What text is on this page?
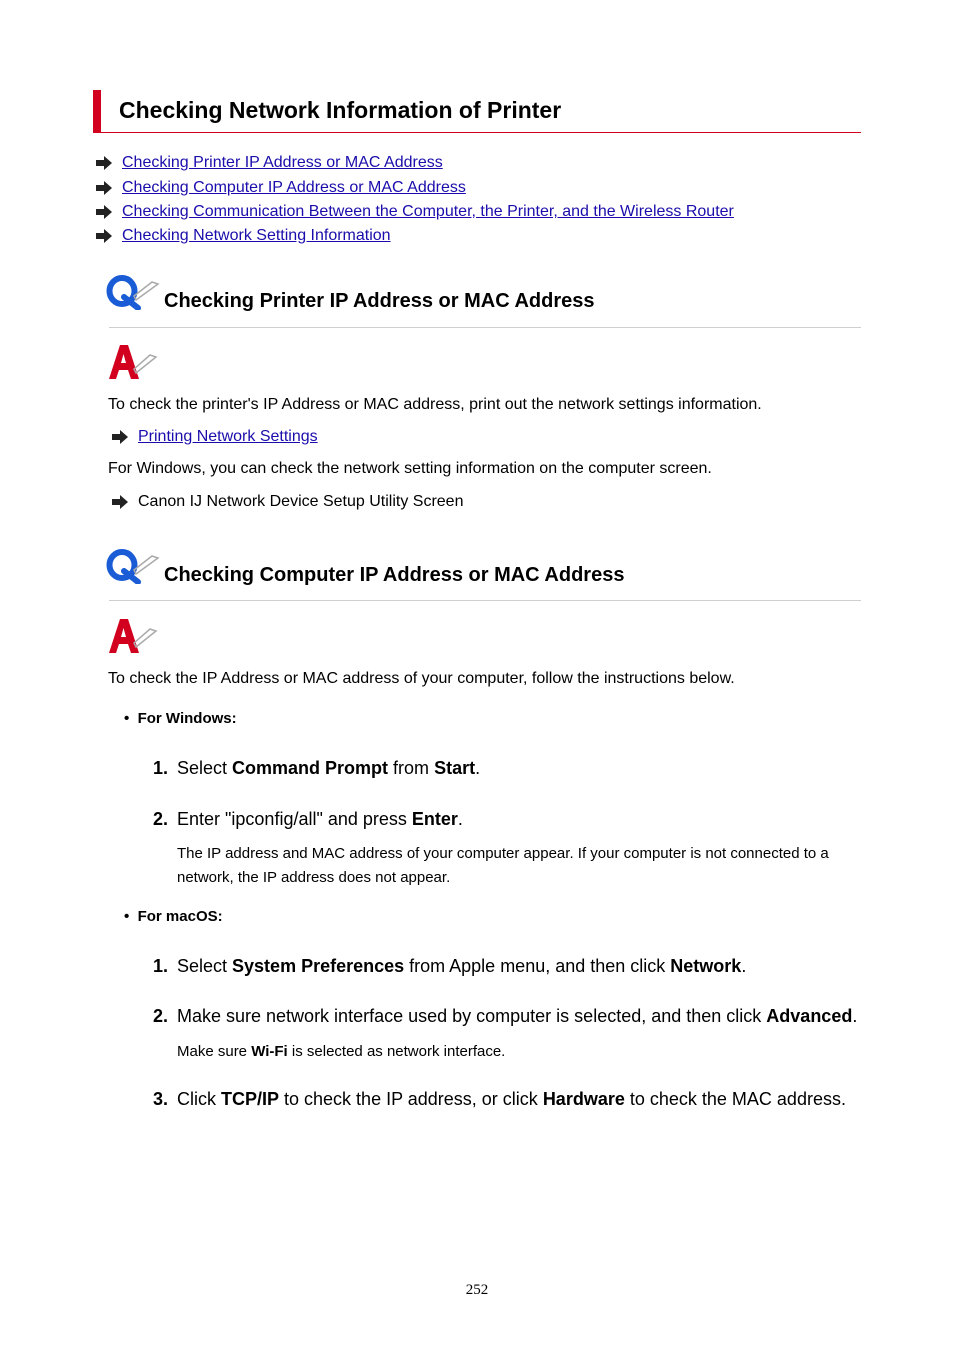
Checking Network Information of Printer
Checking Printer IP Address or MAC Address
Checking Computer IP Address or MAC Address
Checking Communication Between the Computer, the Printer, and the Wireless Router
Checking Network Setting Information
Checking Printer IP Address or MAC Address
To check the printer's IP Address or MAC address, print out the network settings information.
Printing Network Settings
For Windows, you can check the network setting information on the computer screen.
Canon IJ Network Device Setup Utility Screen
Checking Computer IP Address or MAC Address
To check the IP Address or MAC address of your computer, follow the instructions below.
•  For Windows:
1. Select Command Prompt from Start.
2. Enter "ipconfig/all" and press Enter.
The IP address and MAC address of your computer appear. If your computer is not connected to a network, the IP address does not appear.
•  For macOS:
1. Select System Preferences from Apple menu, and then click Network.
2. Make sure network interface used by computer is selected, and then click Advanced.
Make sure Wi-Fi is selected as network interface.
3. Click TCP/IP to check the IP address, or click Hardware to check the MAC address.
252
